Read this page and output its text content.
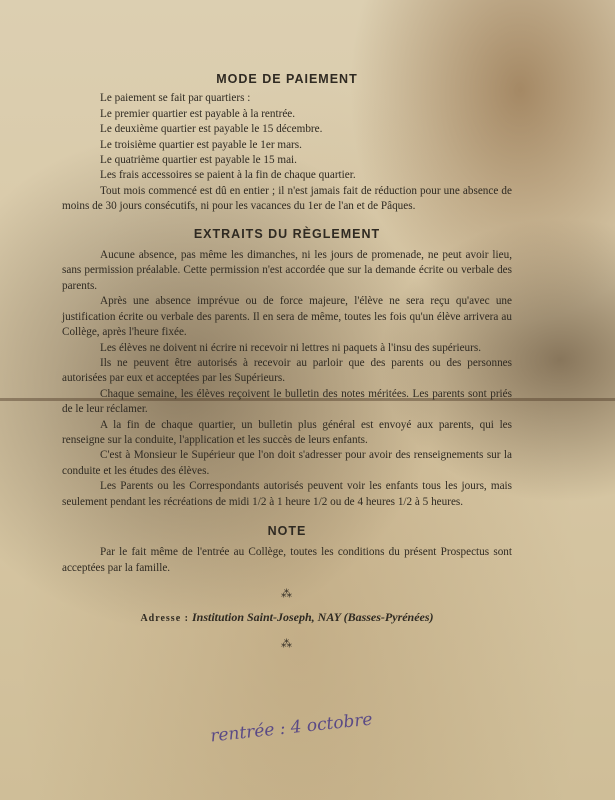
MODE DE PAIEMENT

Le paiement se fait par quartiers :

Le premier quartier est payable à la rentrée.

Le deuxième quartier est payable le 15 décembre.

Le troisième quartier est payable le 1er mars.

Le quatrième quartier est payable le 15 mai.

Les frais accessoires se paient à la fin de chaque quartier.

Tout mois commencé est dû en entier ; il n'est jamais fait de réduction pour une absence de moins de 30 jours consécutifs, ni pour les vacances du 1er de l'an et de Pâques.

EXTRAITS DU RÈGLEMENT

Aucune absence, pas même les dimanches, ni les jours de promenade, ne peut avoir lieu, sans permission préalable. Cette permission n'est accordée que sur la demande écrite ou verbale des parents.

Après une absence imprévue ou de force majeure, l'élève ne sera reçu qu'avec une justification écrite ou verbale des parents. Il en sera de même, toutes les fois qu'un élève arrivera au Collège, après l'heure fixée.

Les élèves ne doivent ni écrire ni recevoir ni lettres ni paquets à l'insu des supérieurs.

Ils ne peuvent être autorisés à recevoir au parloir que des parents ou des personnes autorisées par eux et acceptées par les Supérieurs.

Chaque semaine, les élèves reçoivent le bulletin des notes méritées. Les parents sont priés de le leur réclamer.

A la fin de chaque quartier, un bulletin plus général est envoyé aux parents, qui les renseigne sur la conduite, l'application et les succès de leurs enfants.

C'est à Monsieur le Supérieur que l'on doit s'adresser pour avoir des renseignements sur la conduite et les études des élèves.

Les Parents ou les Correspondants autorisés peuvent voir les enfants tous les jours, mais seulement pendant les récréations de midi 1/2 à 1 heure 1/2 ou de 4 heures 1/2 à 5 heures.

NOTE

Par le fait même de l'entrée au Collège, toutes les conditions du présent Prospectus sont acceptées par la famille.

⁂
Adresse : Institution Saint-Joseph, NAY (Basses-Pyrénées)
⁂
rentrée : 4 octobre
